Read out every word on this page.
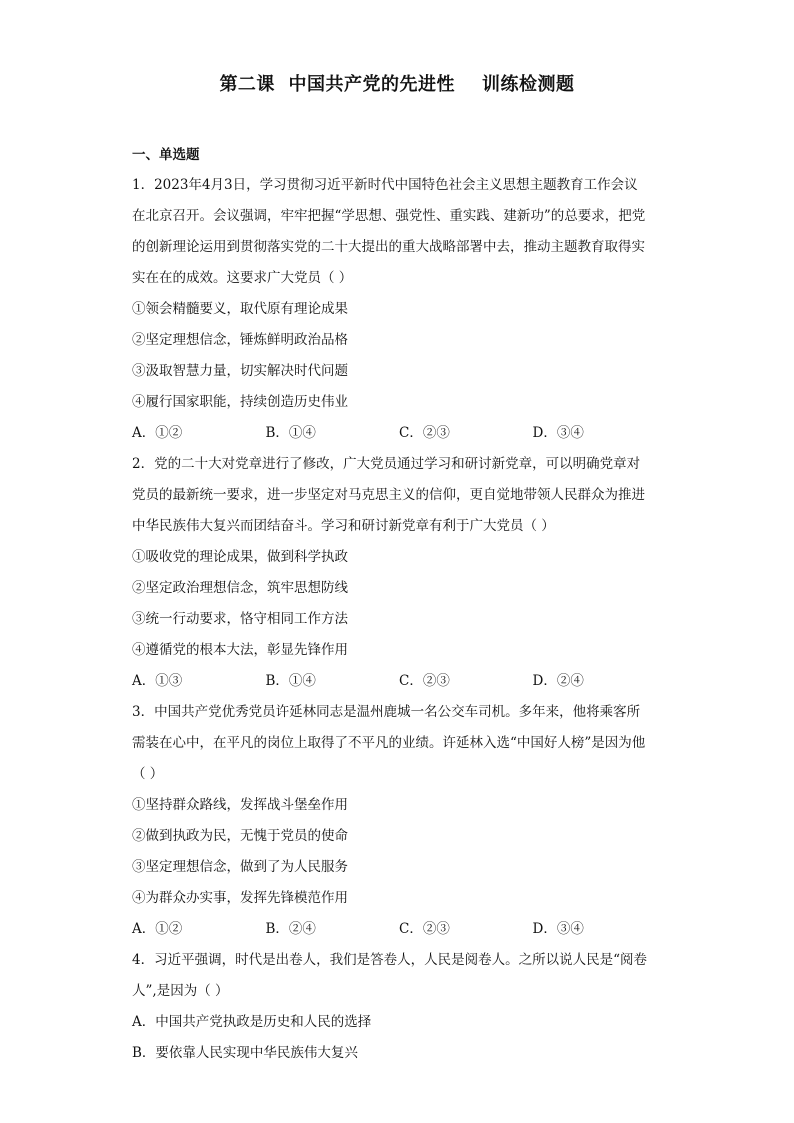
第二课  中国共产党的先进性    训练检测题
一、单选题
1．2023年4月3日，学习贯彻习近平新时代中国特色社会主义思想主题教育工作会议
在北京召开。会议强调，牢牢把握“学思想、强党性、重实践、建新功”的总要求，把党
的创新理论运用到贯彻落实党的二十大提出的重大战略部署中去，推动主题教育取得实
实在在的成效。这要求广大党员（ ）
①领会精髓要义，取代原有理论成果
②坚定理想信念，锤炼鲜明政治品格
③汲取智慧力量，切实解决时代问题
④履行国家职能，持续创造历史伟业
A．①②	B．①④	C．②③	D．③④
2．党的二十大对党章进行了修改，广大党员通过学习和研讨新党章，可以明确党章对
党员的最新统一要求，进一步坚定对马克思主义的信仰，更自觉地带领人民群众为推进
中华民族伟大复兴而团结奋斗。学习和研讨新党章有利于广大党员（ ）
①吸收党的理论成果，做到科学执政
②坚定政治理想信念，筑牢思想防线
③统一行动要求，恪守相同工作方法
④遵循党的根本大法，彰显先锋作用
A．①③	B．①④	C．②③	D．②④
3．中国共产党优秀党员许延林同志是温州鹿城一名公交车司机。多年来，他将乘客所
需装在心中，在平凡的岗位上取得了不平凡的业绩。许延林入选“中国好人榜”是因为他
（ ）
①坚持群众路线，发挥战斗堡垒作用
②做到执政为民，无愧于党员的使命
③坚定理想信念，做到了为人民服务
④为群众办实事，发挥先锋模范作用
A．①②	B．②④	C．②③	D．③④
4．习近平强调，时代是出卷人，我们是答卷人，人民是阅卷人。之所以说人民是“阅卷
人”,是因为（ ）
A．中国共产党执政是历史和人民的选择
B．要依靠人民实现中华民族伟大复兴
